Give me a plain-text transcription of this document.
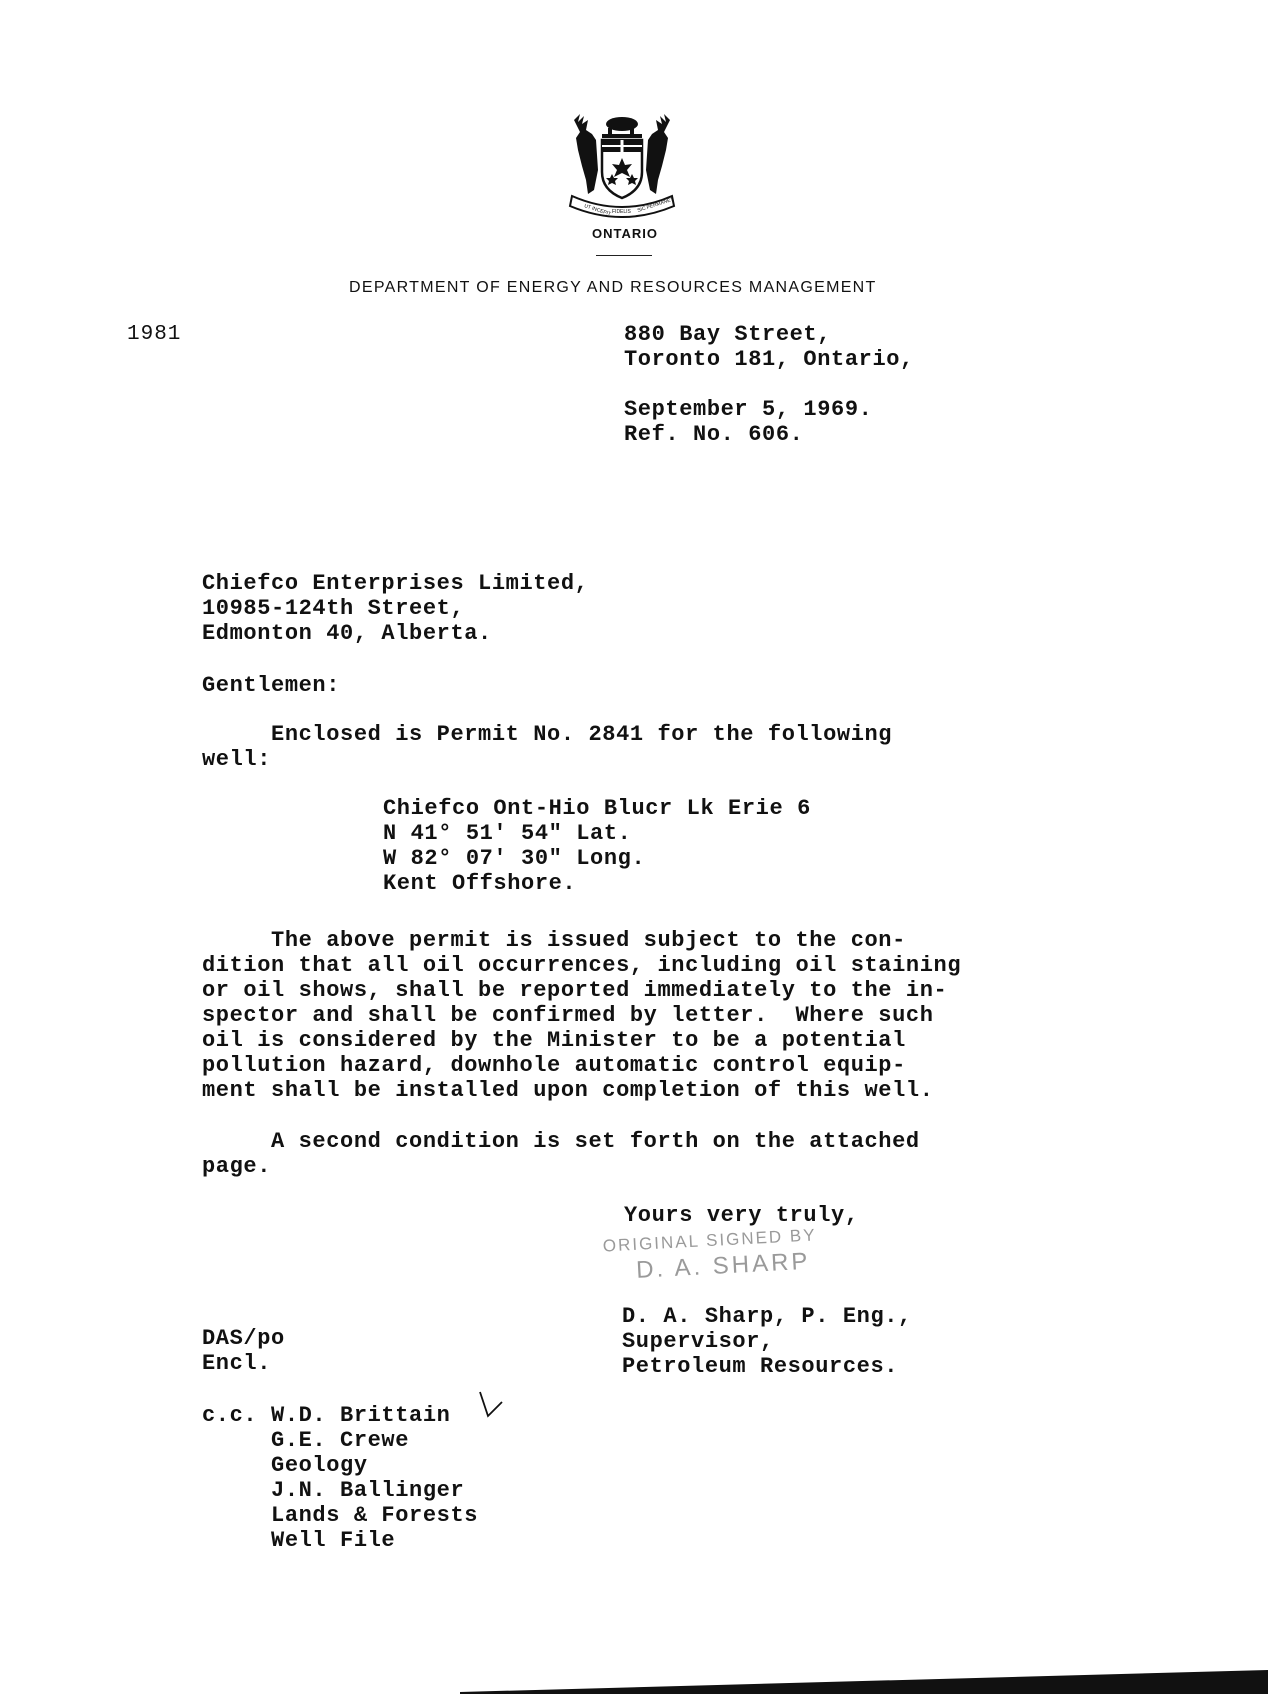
UT INCEPIT FIDELIS SIC PERMANET
ONTARIO
DEPARTMENT OF ENERGY AND RESOURCES MANAGEMENT
1981	880 Bay Street,
Toronto 181, Ontario,
September 5, 1969.
Ref. No. 606.
Chiefco Enterprises Limited,
10985-124th Street,
Edmonton 40, Alberta.
Gentlemen:
Enclosed is Permit No. 2841 for the following
well:
Chiefco Ont-Hio Blucr Lk Erie 6
N 41° 51' 54" Lat.
W 82° 07' 30" Long.
Kent Offshore.
The above permit is issued subject to the con-
dition that all oil occurrences, including oil staining
or oil shows, shall be reported immediately to the in-
spector and shall be confirmed by letter.  Where such
oil is considered by the Minister to be a potential
pollution hazard, downhole automatic control equip-
ment shall be installed upon completion of this well.
A second condition is set forth on the attached
page.
Yours very truly,
ORIGINAL SIGNED BY
D. A. SHARP
D. A. Sharp, P. Eng.,
Supervisor,
Petroleum Resources.
DAS/po
Encl.
c.c. W.D. Brittain
G.E. Crewe
Geology
J.N. Ballinger
Lands & Forests
Well File
